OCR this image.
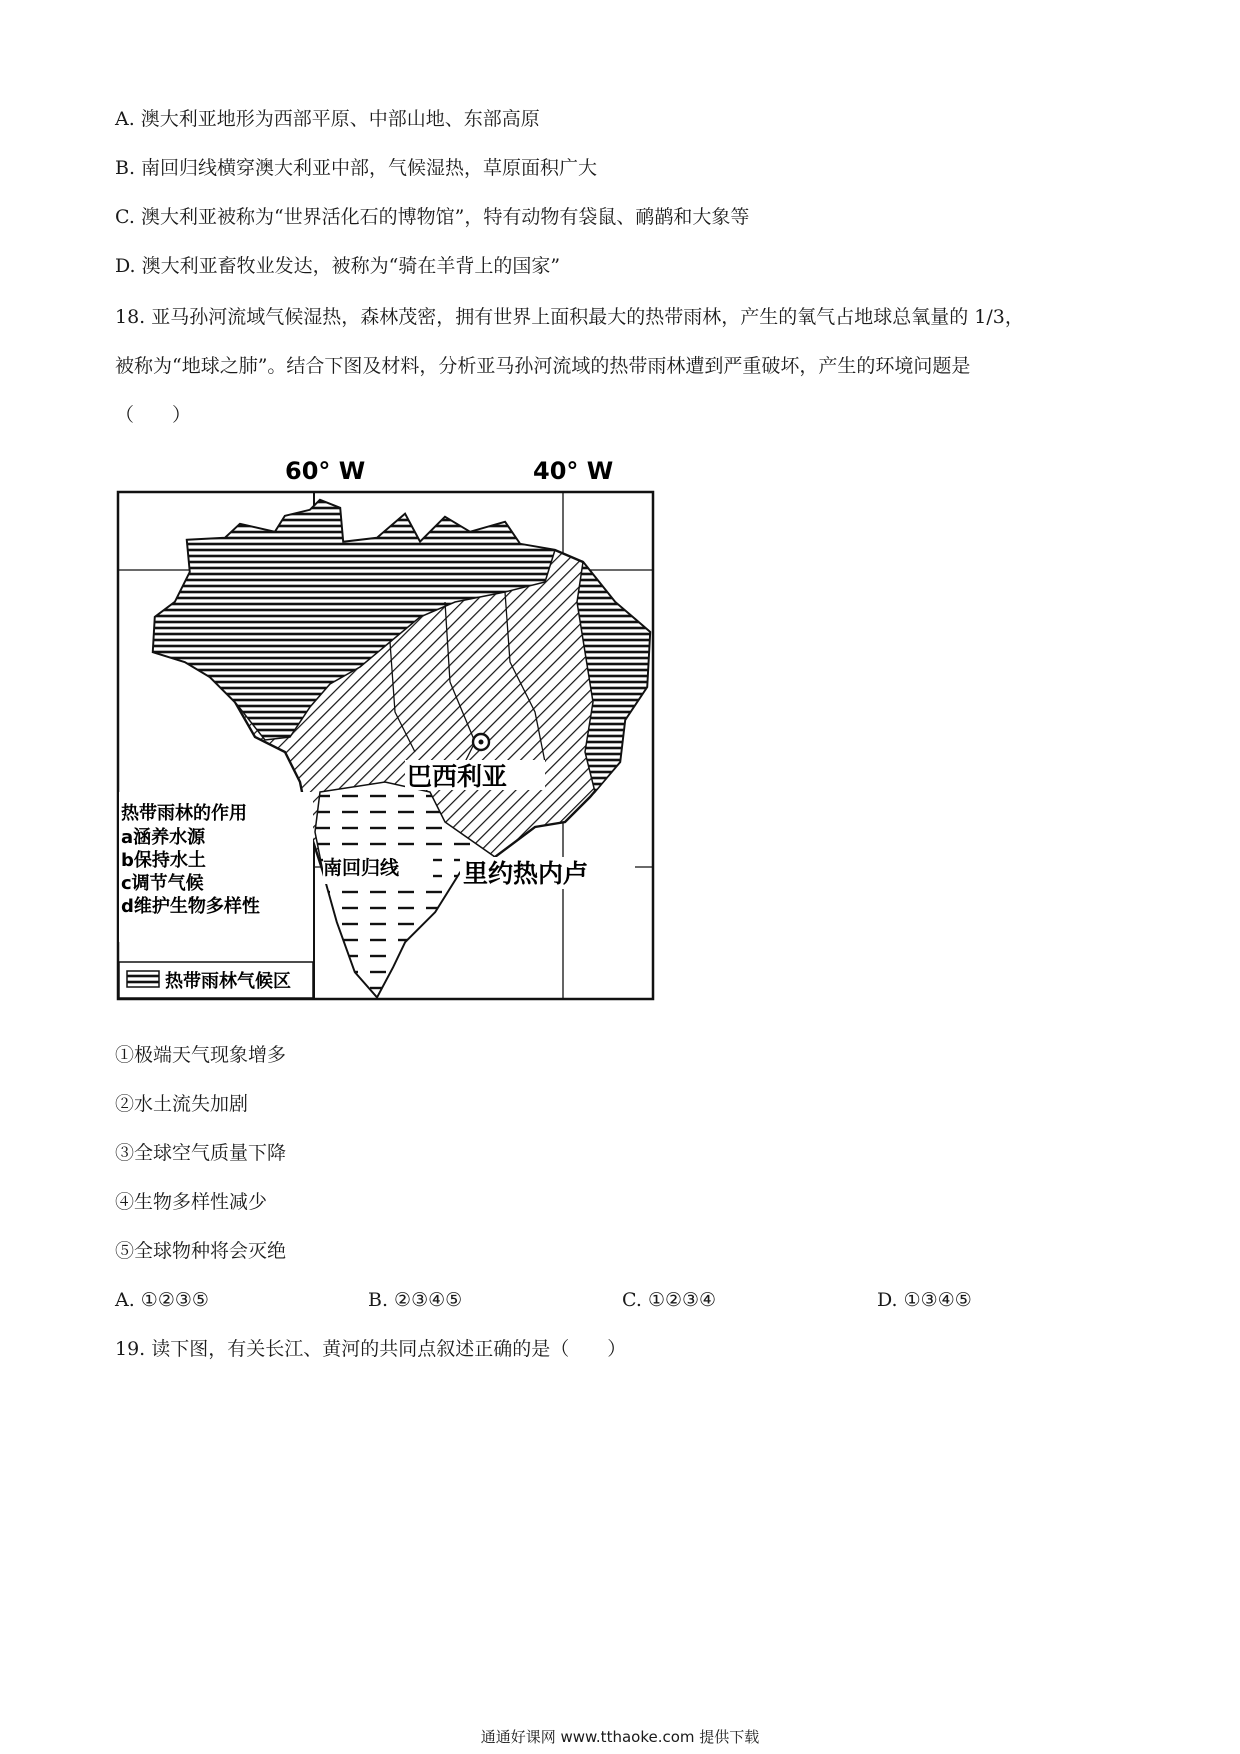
A. 澳大利亚地形为西部平原、中部山地、东部高原
B. 南回归线横穿澳大利亚中部，气候湿热，草原面积广大
C. 澳大利亚被称为“世界活化石的博物馆”，特有动物有袋鼠、鸸鹋和大象等
D. 澳大利亚畜牧业发达，被称为“骑在羊背上的国家”
18. 亚马孙河流域气候湿热，森林茂密，拥有世界上面积最大的热带雨林，产生的氧气占地球总氧量的 1/3，
被称为“地球之肺”。结合下图及材料，分析亚马孙河流域的热带雨林遭到严重破坏，产生的环境问题是
（　　）
60° W	40° W
巴西利亚
南回归线	里约热内卢
热带雨林的作用
a涵养水源
b保持水土
c调节气候
d维护生物多样性
热带雨林气候区
①极端天气现象增多
②水土流失加剧
③全球空气质量下降
④生物多样性减少
⑤全球物种将会灭绝
A. ①②③⑤	B. ②③④⑤	C. ①②③④	D. ①③④⑤
19. 读下图，有关长江、黄河的共同点叙述正确的是（　　）
通通好课网 www.tthaoke.com 提供下载
